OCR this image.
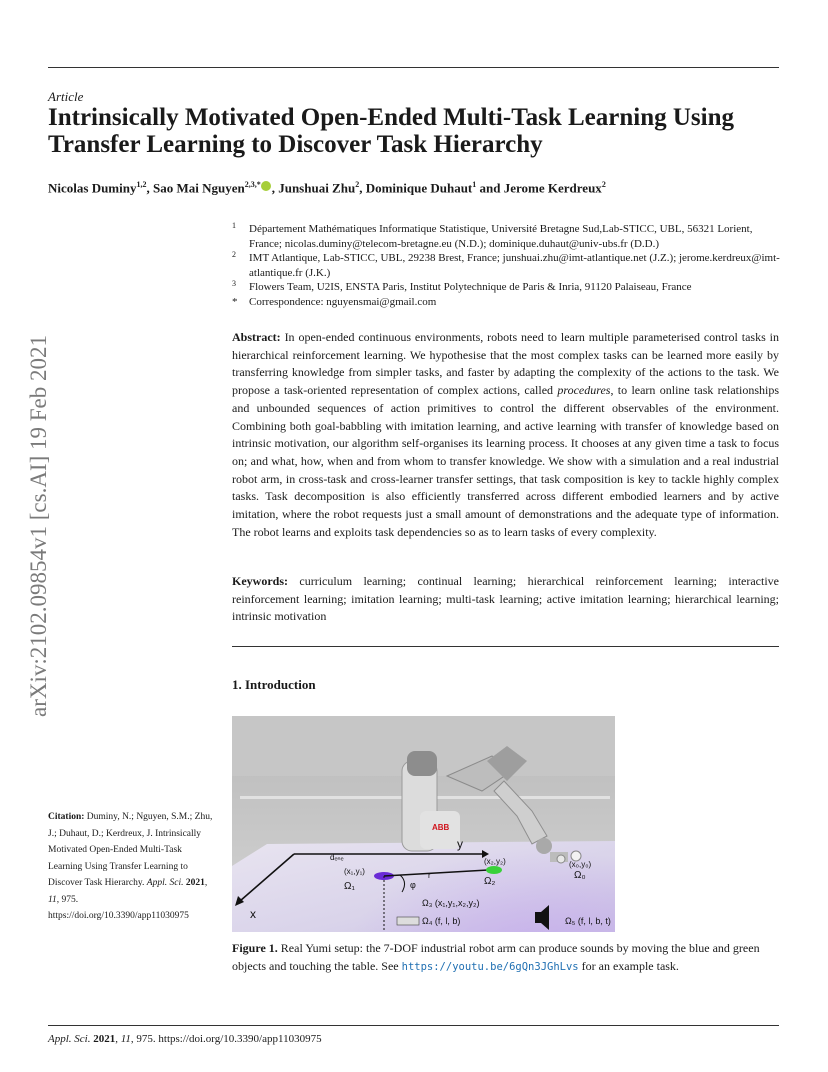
Article
Intrinsically Motivated Open-Ended Multi-Task Learning Using Transfer Learning to Discover Task Hierarchy
Nicolas Duminy$^{1,2}$, Sao Mai Nguyen$^{2,3,*}$ , Junshuai Zhu$^2$, Dominique Duhaut$^1$ and Jerome Kerdreux$^2$
1 Département Mathématiques Informatique Statistique, Université Bretagne Sud,Lab-STICC, UBL, 56321 Lorient, France; nicolas.duminy@telecom-bretagne.eu (N.D.); dominique.duhaut@univ-ubs.fr (D.D.)
2 IMT Atlantique, Lab-STICC, UBL, 29238 Brest, France; junshuai.zhu@imt-atlantique.net (J.Z.); jerome.kerdreux@imt-atlantique.fr (J.K.)
3 Flowers Team, U2IS, ENSTA Paris, Institut Polytechnique de Paris & Inria, 91120 Palaiseau, France
* Correspondence: nguyensmai@gmail.com
Abstract: In open-ended continuous environments, robots need to learn multiple parameterised control tasks in hierarchical reinforcement learning. We hypothesise that the most complex tasks can be learned more easily by transferring knowledge from simpler tasks, and faster by adapting the complexity of the actions to the task. We propose a task-oriented representation of complex actions, called procedures, to learn online task relationships and unbounded sequences of action primitives to control the different observables of the environment. Combining both goal-babbling with imitation learning, and active learning with transfer of knowledge based on intrinsic motivation, our algorithm self-organises its learning process. It chooses at any given time a task to focus on; and what, how, when and from whom to transfer knowledge. We show with a simulation and a real industrial robot arm, in cross-task and cross-learner transfer settings, that task composition is key to tackle highly complex tasks. Task decomposition is also efficiently transferred across different embodied learners and by active imitation, where the robot requests just a small amount of demonstrations and the adequate type of information. The robot learns and exploits task dependencies so as to learn tasks of every complexity.
Keywords: curriculum learning; continual learning; hierarchical reinforcement learning; interactive reinforcement learning; imitation learning; multi-task learning; active imitation learning; hierarchical learning; intrinsic motivation
1. Introduction
ABB
y
x
dₑₙₑ
(x₁,y₁)
Ω₁	φ
r
(x₂,y₂)
Ω₂
(x₀,y₀)
Ω₀
Ω₃ (x₁,y₁,x₂,y₂)
Ω₄ (f, l, b)	Ω₅ (f, l, b, t)
Figure 1. Real Yumi setup: the 7-DOF industrial robot arm can produce sounds by moving the blue and green objects and touching the table. See https://youtu.be/6gQn3JGhLvs for an example task.
arXiv:2102.09854v1 [cs.AI] 19 Feb 2021
Citation: Duminy, N.; Nguyen, S.M.; Zhu, J.; Duhaut, D.; Kerdreux, J. Intrinsically Motivated Open-Ended Multi-Task Learning Using Transfer Learning to Discover Task Hierarchy. Appl. Sci. 2021, 11, 975.
https://doi.org/10.3390/app11030975
Appl. Sci. 2021, 11, 975. https://doi.org/10.3390/app11030975
